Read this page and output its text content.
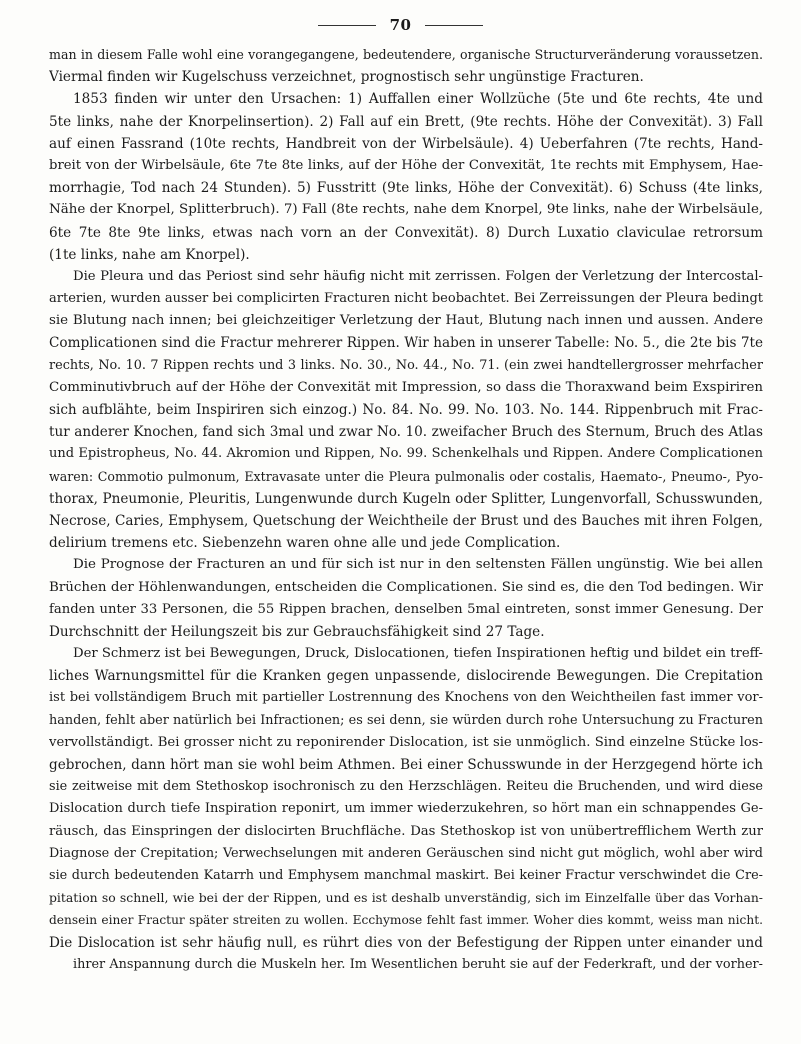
70
man in diesem Falle wohl eine vorangegangene, bedeutendere, organische Structurveränderung voraussetzen.
Viermal finden wir Kugelschuss verzeichnet, prognostisch sehr ungünstige Fracturen.
1853 finden wir unter den Ursachen: 1) Auffallen einer Wollzüche (5te und 6te rechts, 4te und
5te links, nahe der Knorpelinsertion). 2) Fall auf ein Brett, (9te rechts. Höhe der Convexität). 3) Fall
auf einen Fassrand (10te rechts, Handbreit von der Wirbelsäule). 4) Ueberfahren (7te rechts, Hand-
breit von der Wirbelsäule, 6te 7te 8te links, auf der Höhe der Convexität, 1te rechts mit Emphysem, Hae-
morrhagie, Tod nach 24 Stunden). 5) Fusstritt (9te links, Höhe der Convexität). 6) Schuss (4te links,
Nähe der Knorpel, Splitterbruch). 7) Fall (8te rechts, nahe dem Knorpel, 9te links, nahe der Wirbelsäule,
6te 7te 8te 9te links, etwas nach vorn an der Convexität). 8) Durch Luxatio claviculae retrorsum
(1te links, nahe am Knorpel).
Die Pleura und das Periost sind sehr häufig nicht mit zerrissen. Folgen der Verletzung der Intercostal-
arterien, wurden ausser bei complicirten Fracturen nicht beobachtet. Bei Zerreissungen der Pleura bedingt
sie Blutung nach innen; bei gleichzeitiger Verletzung der Haut, Blutung nach innen und aussen. Andere
Complicationen sind die Fractur mehrerer Rippen. Wir haben in unserer Tabelle: No. 5., die 2te bis 7te
rechts, No. 10. 7 Rippen rechts und 3 links. No. 30., No. 44., No. 71. (ein zwei handtellergrosser mehrfacher
Comminutivbruch auf der Höhe der Convexität mit Impression, so dass die Thoraxwand beim Exspiriren
sich aufblähte, beim Inspiriren sich einzog.) No. 84. No. 99. No. 103. No. 144. Rippenbruch mit Frac-
tur anderer Knochen, fand sich 3mal und zwar No. 10. zweifacher Bruch des Sternum, Bruch des Atlas
und Epistropheus, No. 44. Akromion und Rippen, No. 99. Schenkelhals und Rippen. Andere Complicationen
waren: Commotio pulmonum, Extravasate unter die Pleura pulmonalis oder costalis, Haemato-, Pneumo-, Pyo-
thorax, Pneumonie, Pleuritis, Lungenwunde durch Kugeln oder Splitter, Lungenvorfall, Schusswunden,
Necrose, Caries, Emphysem, Quetschung der Weichtheile der Brust und des Bauches mit ihren Folgen,
delirium tremens etc. Siebenzehn waren ohne alle und jede Complication.
Die Prognose der Fracturen an und für sich ist nur in den seltensten Fällen ungünstig. Wie bei allen
Brüchen der Höhlenwandungen, entscheiden die Complicationen. Sie sind es, die den Tod bedingen. Wir
fanden unter 33 Personen, die 55 Rippen brachen, denselben 5mal eintreten, sonst immer Genesung. Der
Durchschnitt der Heilungszeit bis zur Gebrauchsfähigkeit sind 27 Tage.
Der Schmerz ist bei Bewegungen, Druck, Dislocationen, tiefen Inspirationen heftig und bildet ein treff-
liches Warnungsmittel für die Kranken gegen unpassende, dislocirende Bewegungen. Die Crepitation
ist bei vollständigem Bruch mit partieller Lostrennung des Knochens von den Weichtheilen fast immer vor-
handen, fehlt aber natürlich bei Infractionen; es sei denn, sie würden durch rohe Untersuchung zu Fracturen
vervollständigt. Bei grosser nicht zu reponirender Dislocation, ist sie unmöglich. Sind einzelne Stücke los-
gebrochen, dann hört man sie wohl beim Athmen. Bei einer Schusswunde in der Herzgegend hörte ich
sie zeitweise mit dem Stethoskop isochronisch zu den Herzschlägen. Reiteu die Bruchenden, und wird diese
Dislocation durch tiefe Inspiration reponirt, um immer wiederzukehren, so hört man ein schnappendes Ge-
räusch, das Einspringen der dislocirten Bruchfläche. Das Stethoskop ist von unübertrefflichem Werth zur
Diagnose der Crepitation; Verwechselungen mit anderen Geräuschen sind nicht gut möglich, wohl aber wird
sie durch bedeutenden Katarrh und Emphysem manchmal maskirt. Bei keiner Fractur verschwindet die Cre-
pitation so schnell, wie bei der der Rippen, und es ist deshalb unverständig, sich im Einzelfalle über das Vorhan-
densein einer Fractur später streiten zu wollen. Ecchymose fehlt fast immer. Woher dies kommt, weiss man nicht.
Die Dislocation ist sehr häufig null, es rührt dies von der Befestigung der Rippen unter einander und
ihrer Anspannung durch die Muskeln her. Im Wesentlichen beruht sie auf der Federkraft, und der vorher-
